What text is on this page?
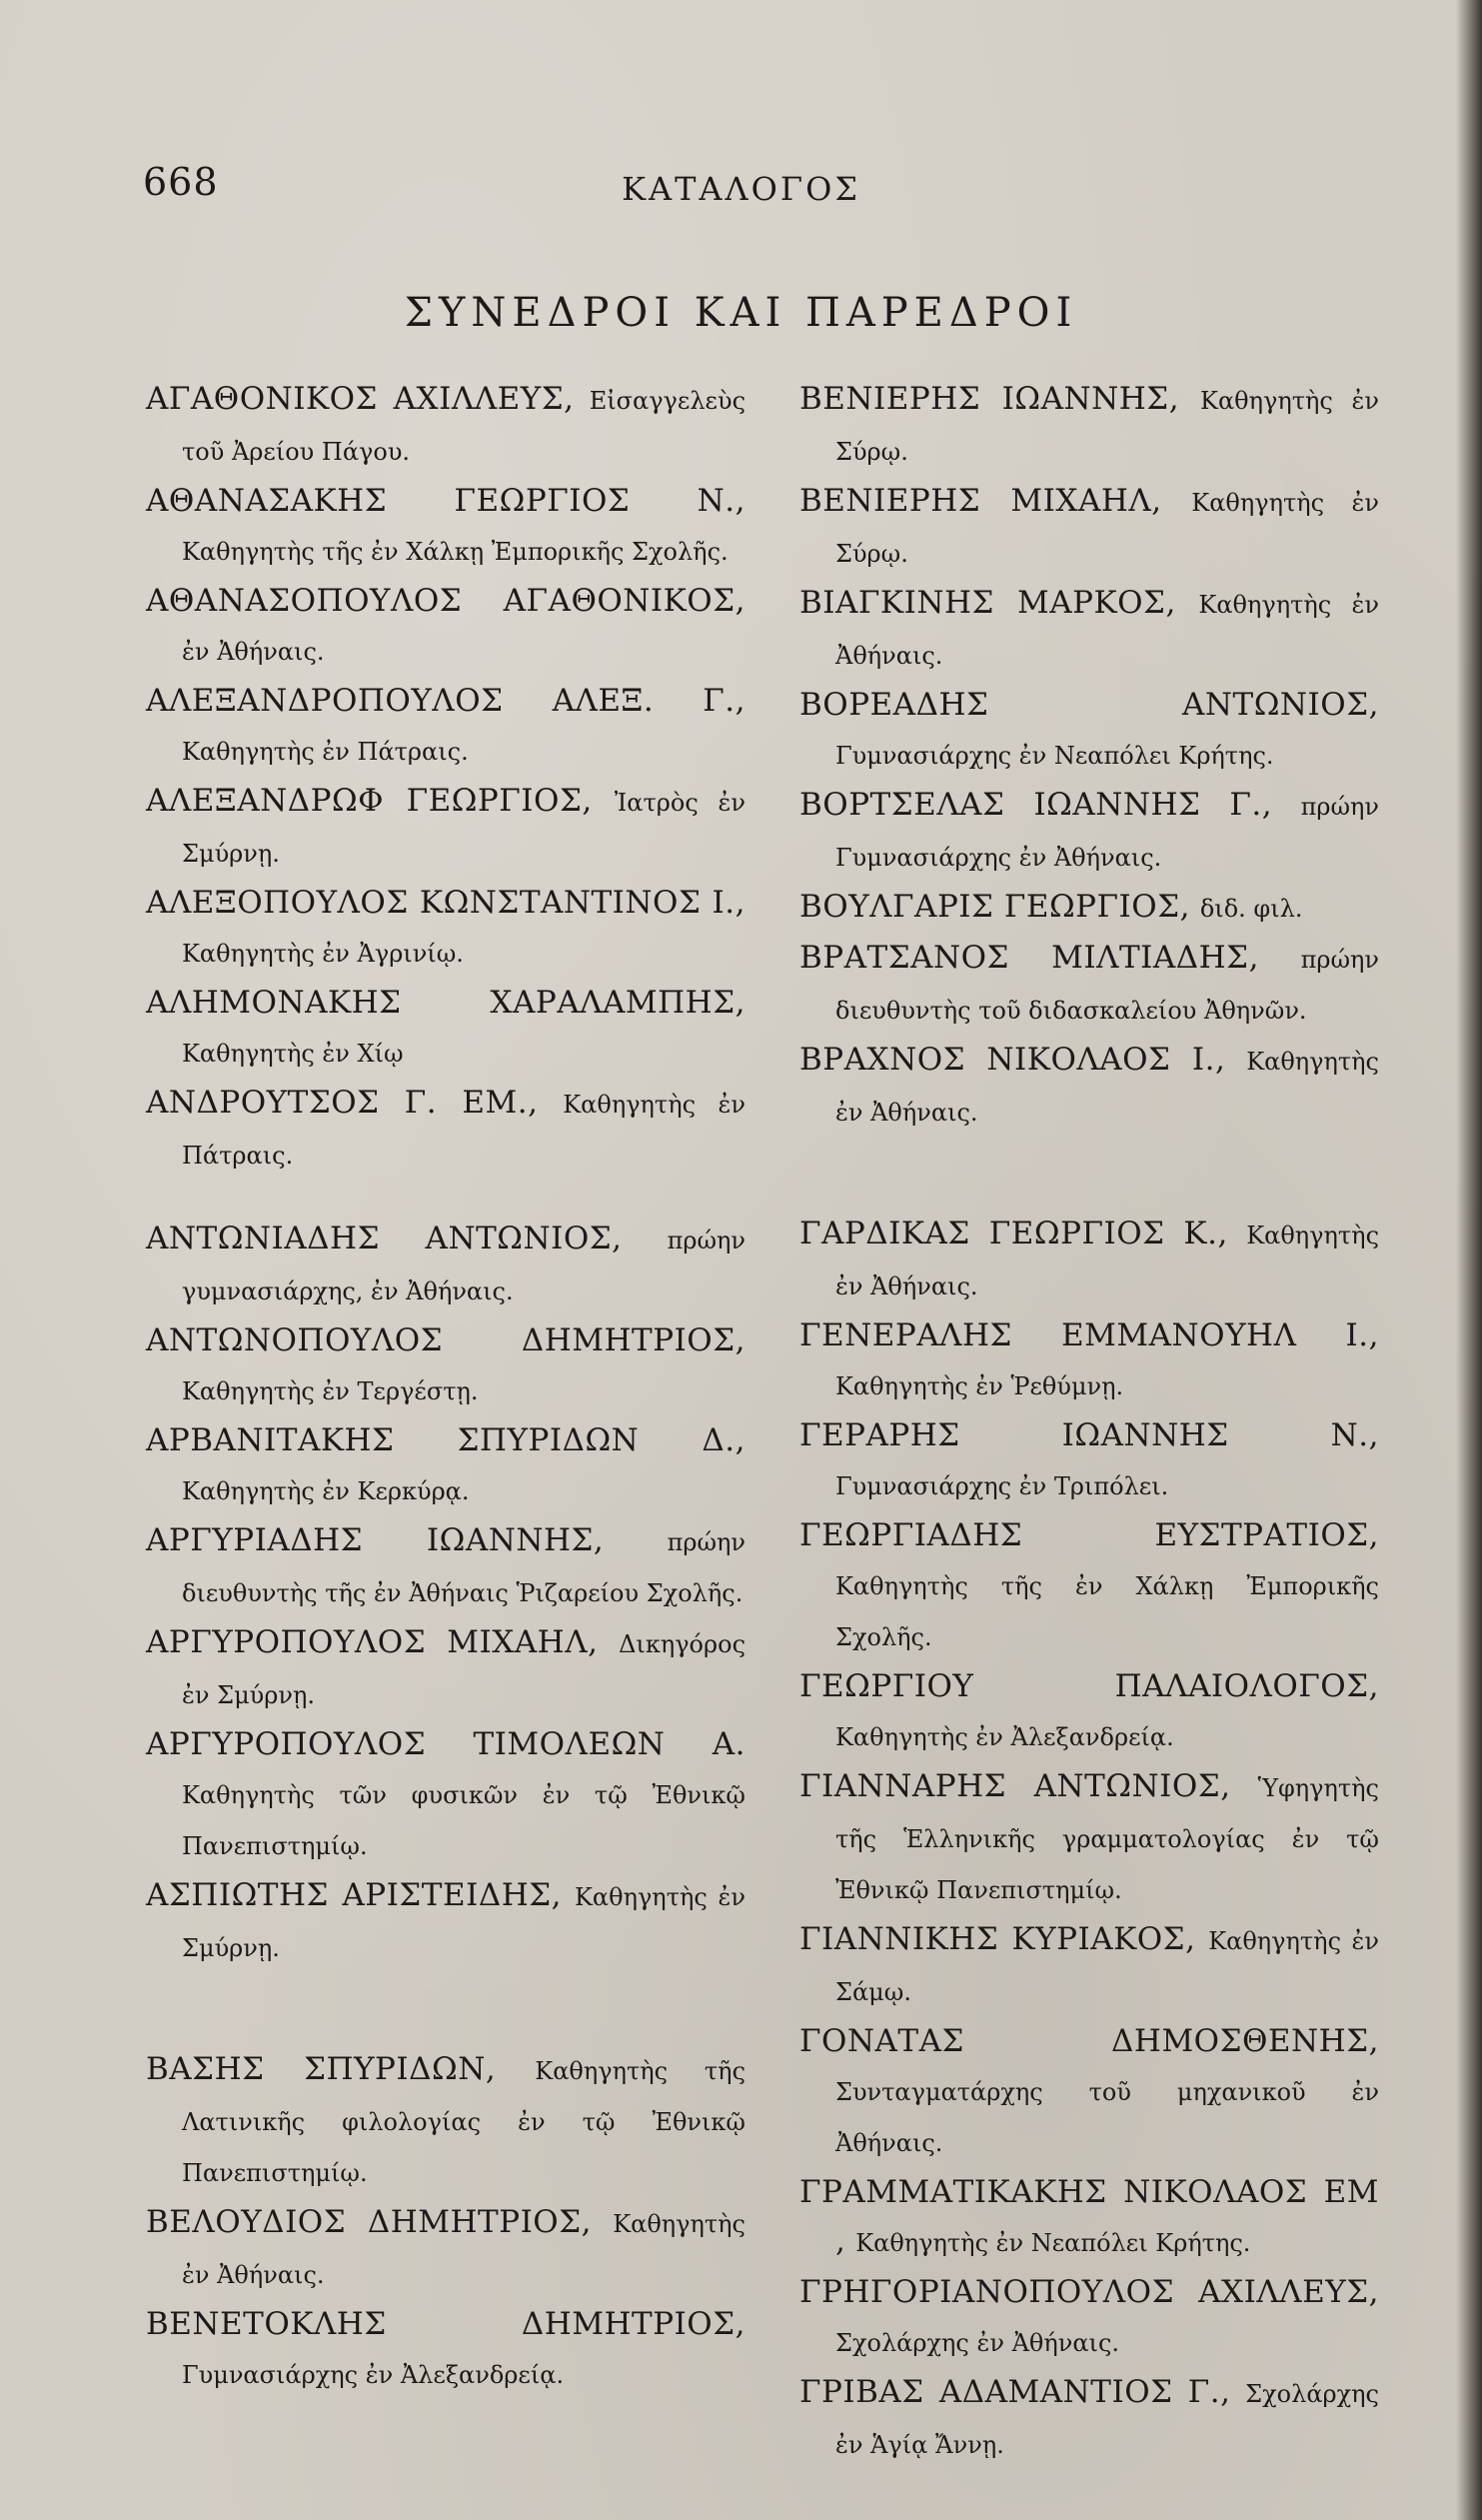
668	ΚΑΤΑΛΟΓΟΣ
ΣΥΝΕΔΡΟΙ ΚΑΙ ΠΑΡΕΔΡΟΙ

ΑΓΑΘΟΝΙΚΟΣ ΑΧΙΛΛΕΥΣ, Εἰσαγγελεὺς τοῦ Ἀρείου Πάγου.

ΑΘΑΝΑΣΑΚΗΣ ΓΕΩΡΓΙΟΣ Ν., Καθηγητὴς τῆς ἐν Χάλκῃ Ἐμπορικῆς Σχολῆς.

ΑΘΑΝΑΣΟΠΟΥΛΟΣ ΑΓΑΘΟΝΙΚΟΣ, ἐν Ἀθήναις.

ΑΛΕΞΑΝΔΡΟΠΟΥΛΟΣ ΑΛΕΞ. Γ., Καθηγητὴς ἐν Πάτραις.

ΑΛΕΞΑΝΔΡΩΦ ΓΕΩΡΓΙΟΣ, Ἰατρὸς ἐν Σμύρνῃ.

ΑΛΕΞΟΠΟΥΛΟΣ ΚΩΝΣΤΑΝΤΙΝΟΣ Ι., Καθηγητὴς ἐν Ἀγρινίῳ.

ΑΛΗΜΟΝΑΚΗΣ ΧΑΡΑΛΑΜΠΗΣ, Καθηγητὴς ἐν Χίῳ

ΑΝΔΡΟΥΤΣΟΣ Γ. ΕΜ., Καθηγητὴς ἐν Πάτραις.

ΑΝΤΩΝΙΑΔΗΣ ΑΝΤΩΝΙΟΣ, πρώην γυμνασιάρχης, ἐν Ἀθήναις.

ΑΝΤΩΝΟΠΟΥΛΟΣ ΔΗΜΗΤΡΙΟΣ, Καθηγητὴς ἐν Τεργέστῃ.

ΑΡΒΑΝΙΤΑΚΗΣ ΣΠΥΡΙΔΩΝ Δ., Καθηγητὴς ἐν Κερκύρᾳ.

ΑΡΓΥΡΙΑΔΗΣ ΙΩΑΝΝΗΣ,	πρώην διευθυντὴς τῆς ἐν Ἀθήναις Ῥιζαρείου Σχολῆς.

ΑΡΓΥΡΟΠΟΥΛΟΣ ΜΙΧΑΗΛ, Δικηγόρος ἐν Σμύρνῃ.

ΑΡΓΥΡΟΠΟΥΛΟΣ ΤΙΜΟΛΕΩΝ Α. Καθηγητὴς τῶν φυσικῶν ἐν τῷ Ἐθνικῷ Πανεπιστημίῳ.

ΑΣΠΙΩΤΗΣ ΑΡΙΣΤΕΙΔΗΣ, Καθηγητὴς ἐν Σμύρνῃ.

ΒΑΣΗΣ ΣΠΥΡΙΔΩΝ, Καθηγητὴς τῆς Λατινικῆς φιλολογίας ἐν τῷ Ἐθνικῷ Πανεπιστημίῳ.

ΒΕΛΟΥΔΙΟΣ ΔΗΜΗΤΡΙΟΣ, Καθηγητὴς ἐν Ἀθήναις.

ΒΕΝΕΤΟΚΛΗΣ ΔΗΜΗΤΡΙΟΣ, Γυμνασιάρχης ἐν Ἀλεξανδρείᾳ.

ΒΕΝΙΕΡΗΣ ΙΩΑΝΝΗΣ, Καθηγητὴς ἐν Σύρῳ.

ΒΕΝΙΕΡΗΣ ΜΙΧΑΗΛ, Καθηγητὴς ἐν Σύρῳ.

ΒΙΑΓΚΙΝΗΣ ΜΑΡΚΟΣ, Καθηγητὴς ἐν Ἀθήναις.

ΒΟΡΕΑΔΗΣ ΑΝΤΩΝΙΟΣ, Γυμνασιάρχης ἐν Νεαπόλει Κρήτης.

ΒΟΡΤΣΕΛΑΣ ΙΩΑΝΝΗΣ Γ., πρώην Γυμνασιάρχης ἐν Ἀθήναις.

ΒΟΥΛΓΑΡΙΣ ΓΕΩΡΓΙΟΣ, διδ. φιλ.

ΒΡΑΤΣΑΝΟΣ ΜΙΛΤΙΑΔΗΣ, πρώην διευθυντὴς τοῦ διδασκαλείου Ἀθηνῶν.

ΒΡΑΧΝΟΣ ΝΙΚΟΛΑΟΣ Ι., Καθηγητὴς ἐν Ἀθήναις.

ΓΑΡΔΙΚΑΣ ΓΕΩΡΓΙΟΣ Κ., Καθηγητὴς ἐν Ἀθήναις.

ΓΕΝΕΡΑΛΗΣ ΕΜΜΑΝΟΥΗΛ Ι., Καθηγητὴς ἐν Ῥεθύμνῃ.

ΓΕΡΑΡΗΣ ΙΩΑΝΝΗΣ Ν., Γυμνασιάρχης ἐν Τριπόλει.

ΓΕΩΡΓΙΑΔΗΣ ΕΥΣΤΡΑΤΙΟΣ, Καθηγητὴς τῆς ἐν Χάλκῃ Ἐμπορικῆς Σχολῆς.

ΓΕΩΡΓΙΟΥ ΠΑΛΑΙΟΛΟΓΟΣ, Καθηγητὴς ἐν Ἀλεξανδρείᾳ.

ΓΙΑΝΝΑΡΗΣ ΑΝΤΩΝΙΟΣ, Ὑφηγητὴς τῆς Ἑλληνικῆς γραμματολογίας ἐν τῷ Ἐθνικῷ Πανεπιστημίῳ.

ΓΙΑΝΝΙΚΗΣ ΚΥΡΙΑΚΟΣ, Καθηγητὴς ἐν Σάμῳ.

ΓΟΝΑΤΑΣ ΔΗΜΟΣΘΕΝΗΣ, Συνταγματάρχης τοῦ μηχανικοῦ ἐν Ἀθήναις.

ΓΡΑΜΜΑΤΙΚΑΚΗΣ ΝΙΚΟΛΑΟΣ ΕΜ , Καθηγητὴς ἐν Νεαπόλει Κρήτης.

ΓΡΗΓΟΡΙΑΝΟΠΟΥΛΟΣ ΑΧΙΛΛΕΥΣ, Σχολάρχης ἐν Ἀθήναις.

ΓΡΙΒΑΣ ΑΔΑΜΑΝΤΙΟΣ Γ., Σχολάρχης ἐν Ἁγίᾳ Ἄννῃ.
